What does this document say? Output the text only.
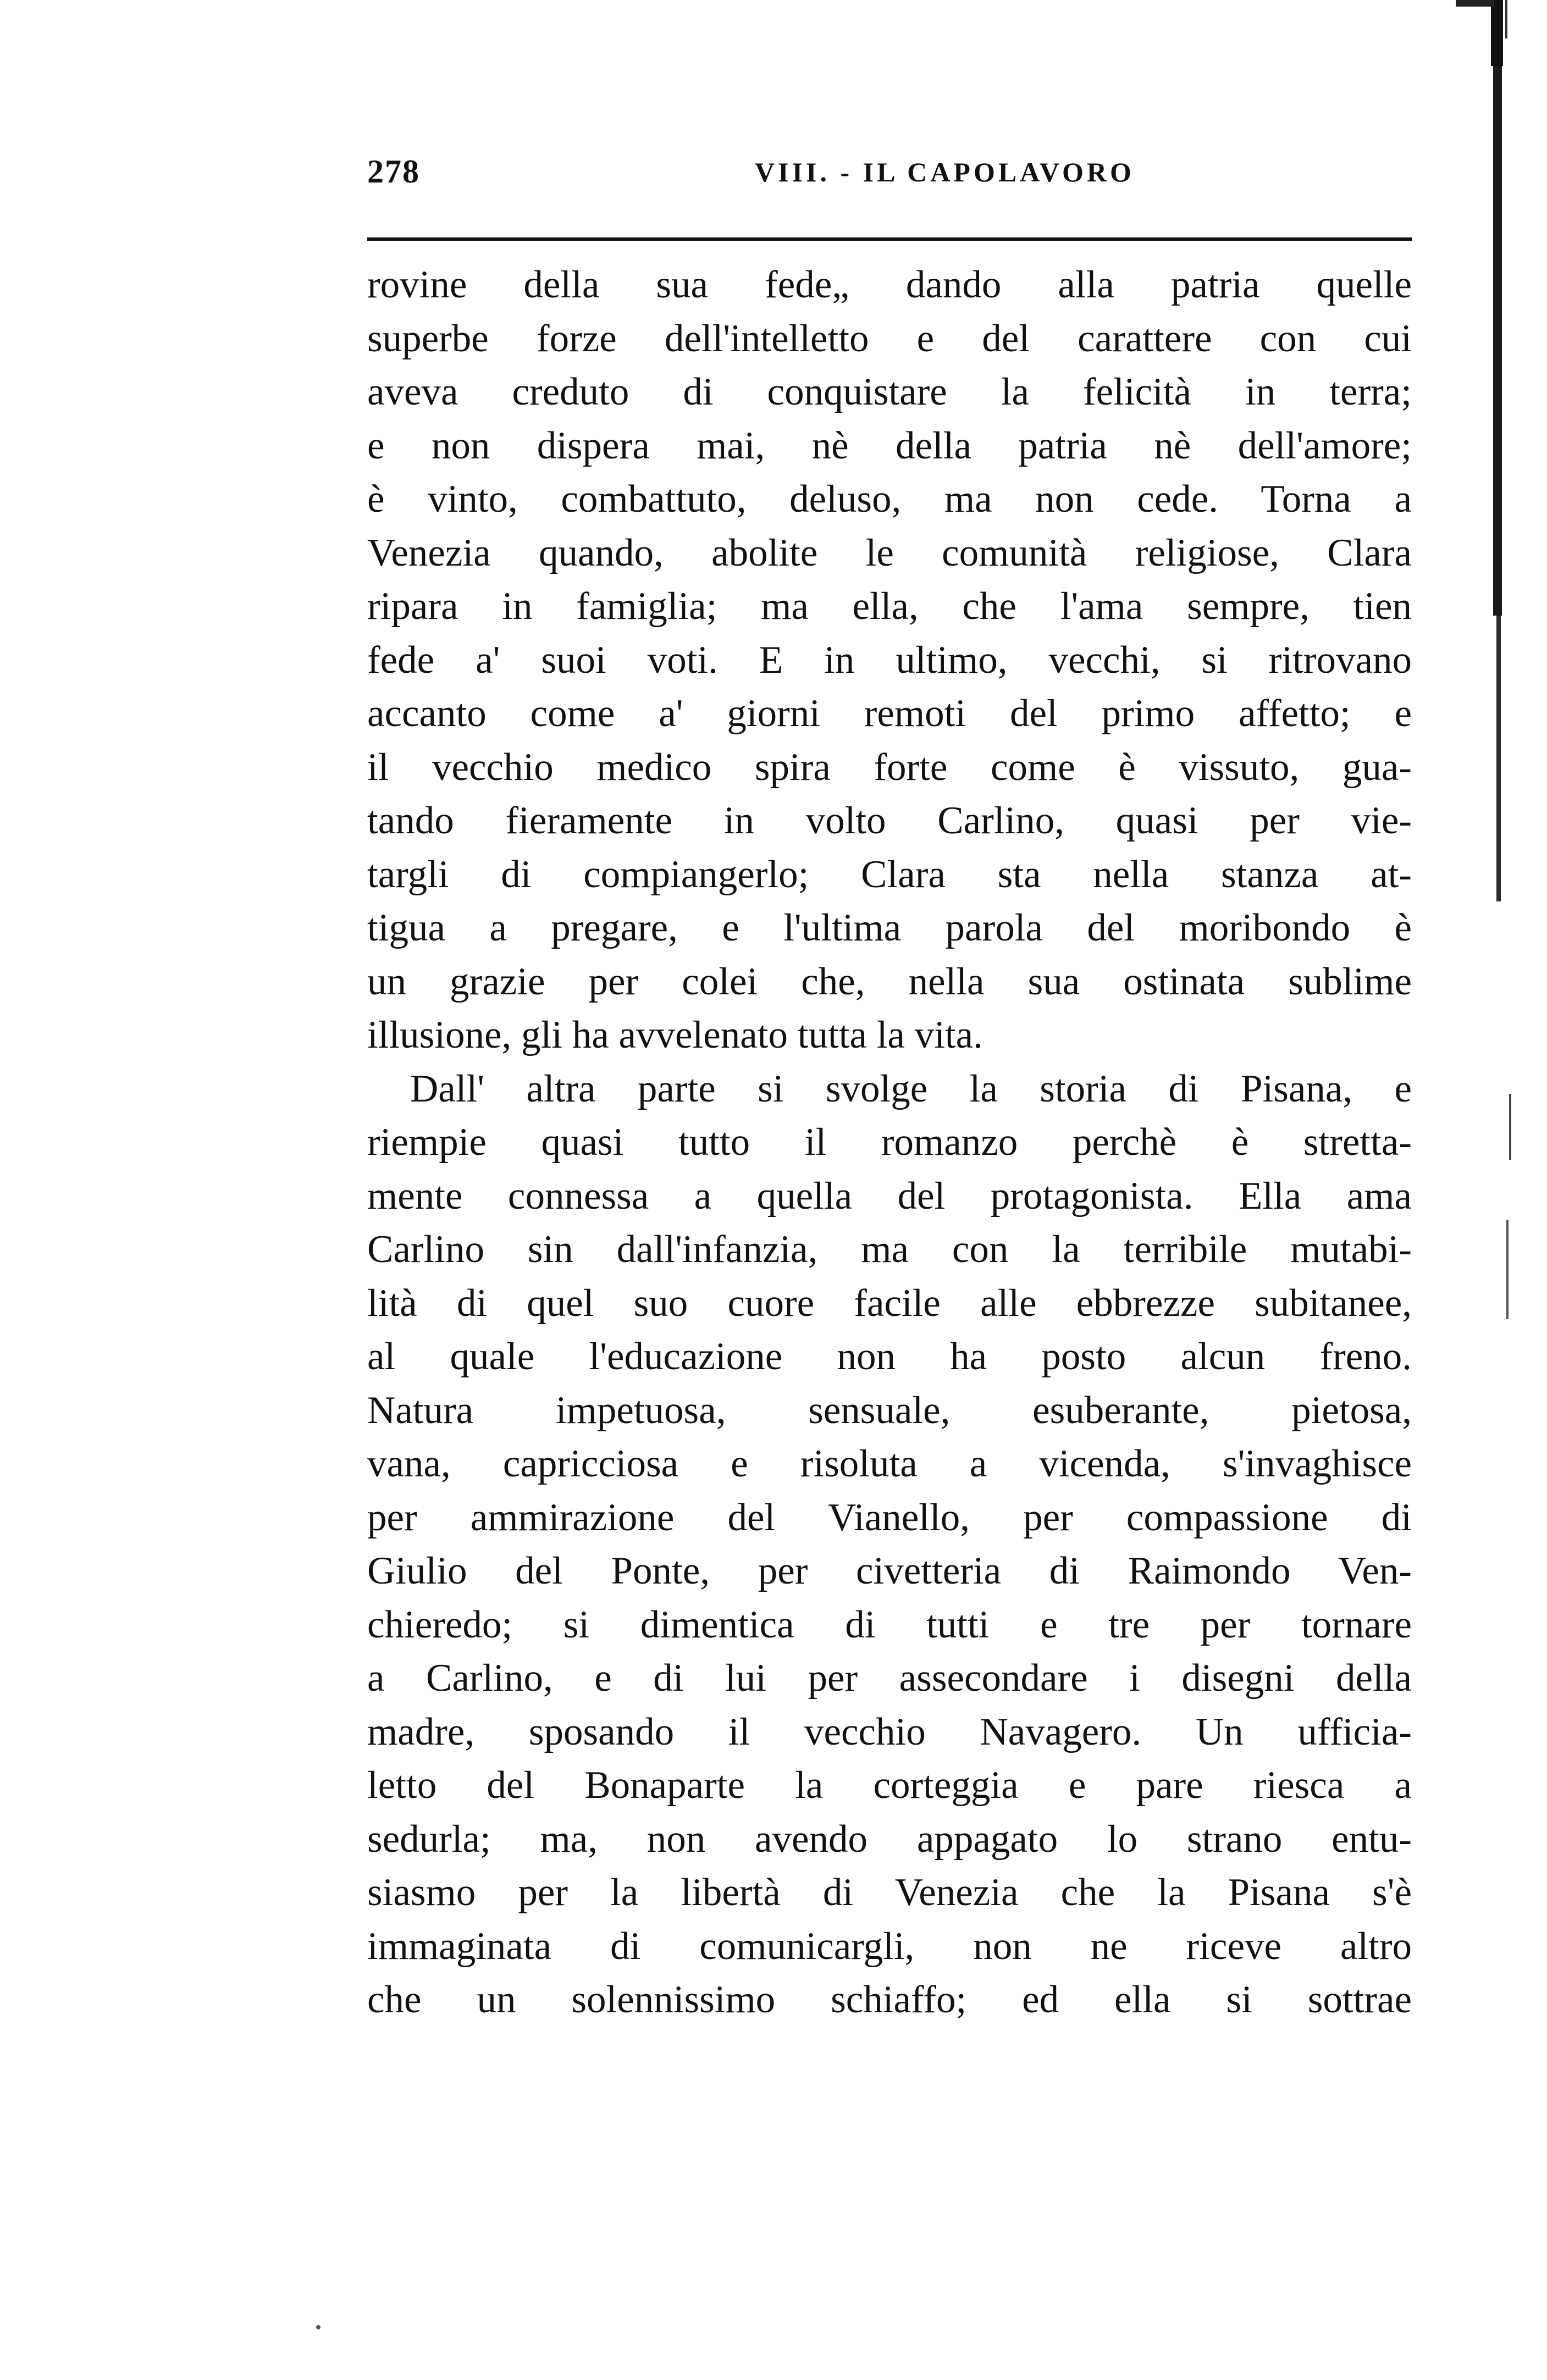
278	VIII. - IL CAPOLAVORO
rovine della sua fede„ dando alla patria quelle
superbe forze dell'intelletto e del carattere con cui
aveva creduto di conquistare la felicità in terra;
e non dispera mai, nè della patria nè dell'amore;
è vinto, combattuto, deluso, ma non cede. Torna a
Venezia quando, abolite le comunità religiose, Clara
ripara in famiglia; ma ella, che l'ama sempre, tien
fede a' suoi voti. E in ultimo, vecchi, si ritrovano
accanto come a' giorni remoti del primo affetto; e
il vecchio medico spira forte come è vissuto, gua-
tando fieramente in volto Carlino, quasi per vie-
targli di compiangerlo; Clara sta nella stanza at-
tigua a pregare, e l'ultima parola del moribondo è
un grazie per colei che, nella sua ostinata sublime
illusione, gli ha avvelenato tutta la vita.
Dall' altra parte si svolge la storia di Pisana, e
riempie quasi tutto il romanzo perchè è stretta-
mente connessa a quella del protagonista. Ella ama
Carlino sin dall'infanzia, ma con la terribile mutabi-
lità di quel suo cuore facile alle ebbrezze subitanee,
al quale l'educazione non ha posto alcun freno.
Natura impetuosa, sensuale, esuberante, pietosa,
vana, capricciosa e risoluta a vicenda, s'invaghisce
per ammirazione del Vianello, per compassione di
Giulio del Ponte, per civetteria di Raimondo Ven-
chieredo; si dimentica di tutti e tre per tornare
a Carlino, e di lui per assecondare i disegni della
madre, sposando il vecchio Navagero. Un ufficia-
letto del Bonaparte la corteggia e pare riesca a
sedurla; ma, non avendo appagato lo strano entu-
siasmo per la libertà di Venezia che la Pisana s'è
immaginata di comunicargli, non ne riceve altro
che un solennissimo schiaffo; ed ella si sottrae
